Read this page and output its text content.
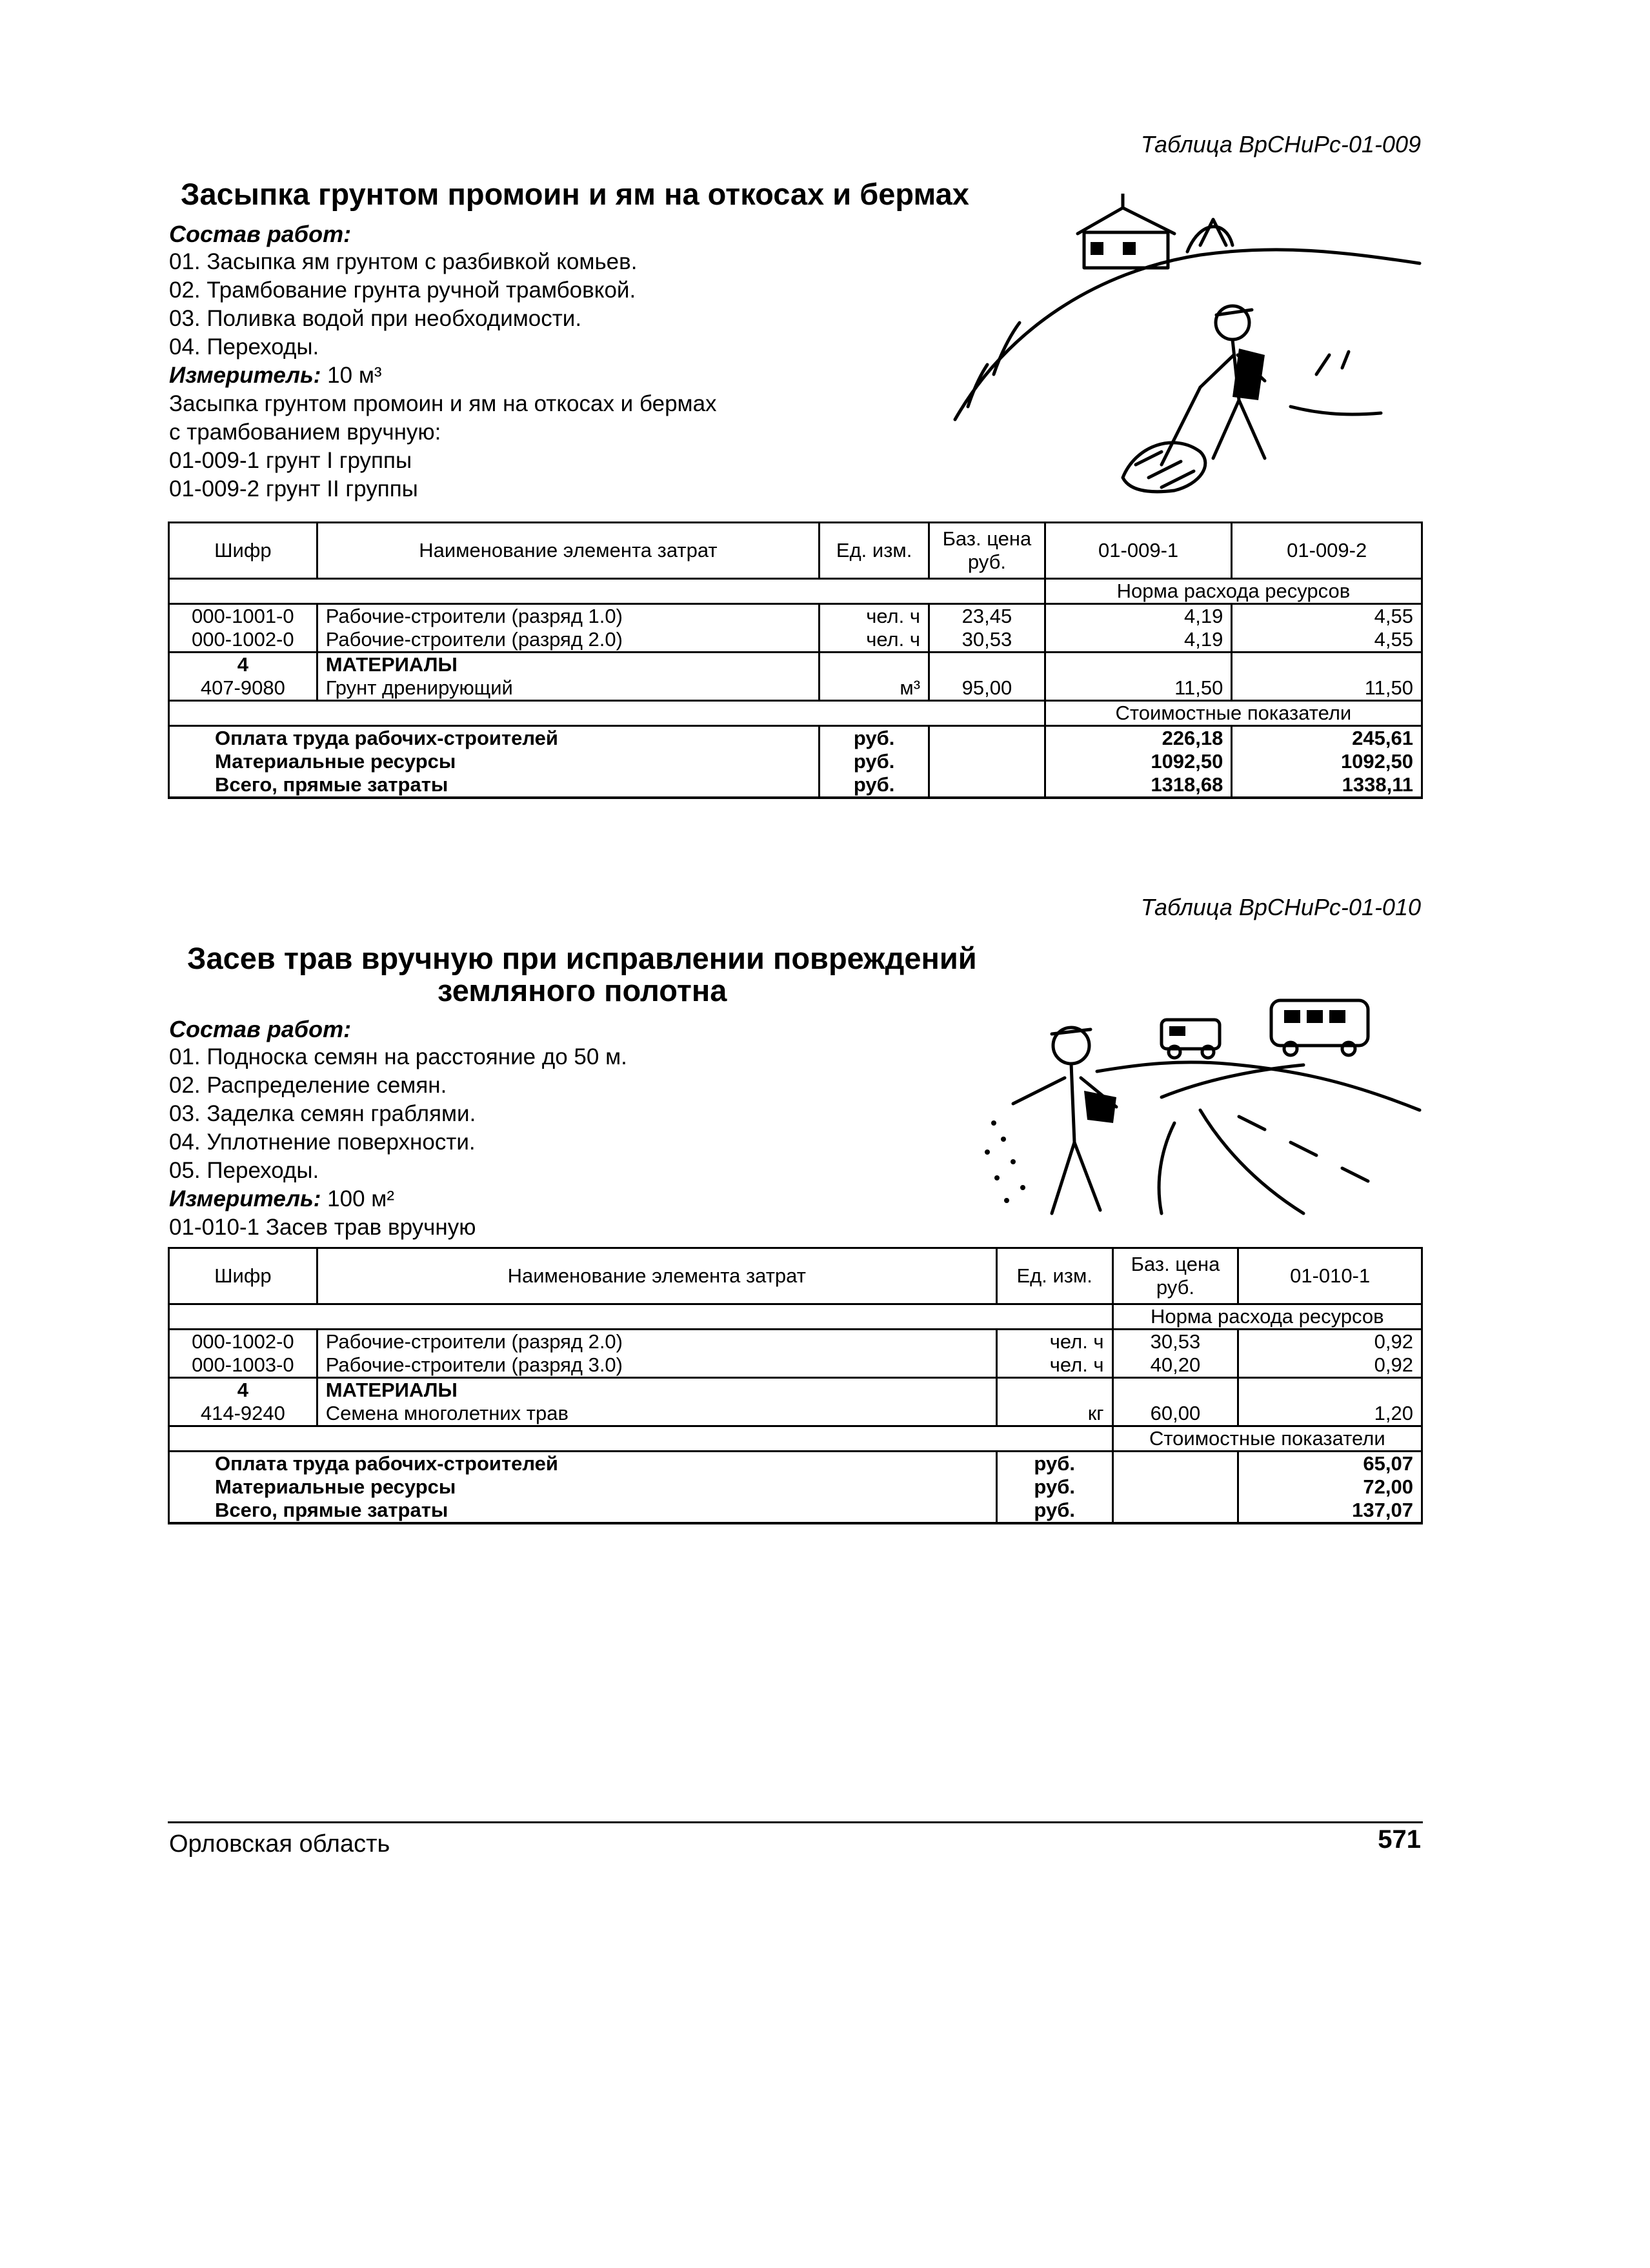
Таблица ВрСНиРс-01-009
Засыпка грунтом промоин и ям на откосах и бермах
Состав работ:
01. Засыпка ям грунтом с разбивкой комьев.
02. Трамбование грунта ручной трамбовкой.
03. Поливка водой при необходимости.
04. Переходы.
Измеритель: 10 м³
Засыпка грунтом промоин и ям на откосах и бермах
с трамбованием вручную:
01-009-1 грунт I группы
01-009-2 грунт II группы
Шифр	Наименование элемента затрат	Ед. изм.	Баз. цена руб.	01-009-1	01-009-2
				Норма расхода ресурсов	
000-1001-0	Рабочие-строители (разряд 1.0)	чел. ч	23,45	4,19	4,55
000-1002-0	Рабочие-строители (разряд 2.0)	чел. ч	30,53	4,19	4,55
4	МАТЕРИАЛЫ				
407-9080	Грунт дренирующий	м³	95,00	11,50	11,50
				Стоимостные показатели	
Оплата труда рабочих-строителей		руб.		226,18	245,61
Материальные ресурсы		руб.		1092,50	1092,50
Всего, прямые затраты		руб.		1318,68	1338,11
Таблица ВрСНиРс-01-010
Засев трав вручную при исправлении повреждений
земляного полотна
Состав работ:
01. Подноска семян на расстояние до 50 м.
02. Распределение семян.
03. Заделка семян граблями.
04. Уплотнение поверхности.
05. Переходы.
Измеритель: 100 м²
01-010-1 Засев трав вручную
Шифр	Наименование элемента затрат	Ед. изм.	Баз. цена руб.	01-010-1
			Норма расхода ресурсов	
000-1002-0	Рабочие-строители (разряд 2.0)	чел. ч	30,53	0,92
000-1003-0	Рабочие-строители (разряд 3.0)	чел. ч	40,20	0,92
4	МАТЕРИАЛЫ			
414-9240	Семена многолетних трав	кг	60,00	1,20
			Стоимостные показатели	
Оплата труда рабочих-строителей		руб.		65,07
Материальные ресурсы		руб.		72,00
Всего, прямые затраты		руб.		137,07
Орловская область	571
